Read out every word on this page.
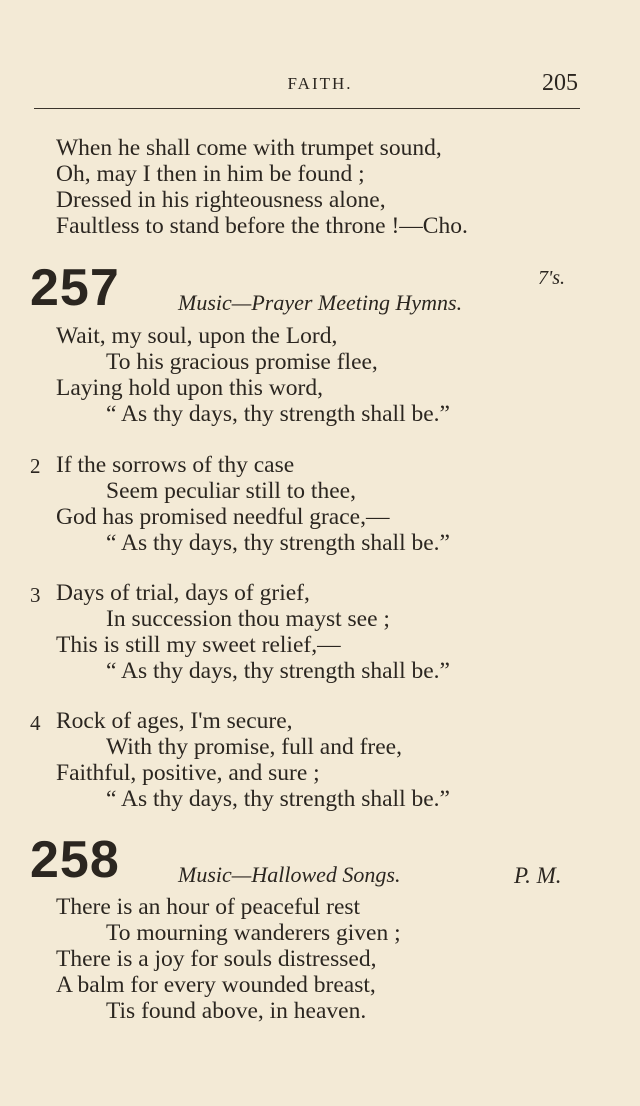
FAITH.	205
When he shall come with trumpet sound,
Oh, may I then in him be found ;
Dressed in his righteousness alone,
Faultless to stand before the throne !—Cho.
257	7's.
Music—Prayer Meeting Hymns.
Wait, my soul, upon the Lord,
To his gracious promise flee,
Laying hold upon this word,
“ As thy days, thy strength shall be.”
2 If the sorrows of thy case
Seem peculiar still to thee,
God has promised needful grace,—
“ As thy days, thy strength shall be.”
3 Days of trial, days of grief,
In succession thou mayst see ;
This is still my sweet relief,—
“ As thy days, thy strength shall be.”
4 Rock of ages, I'm secure,
With thy promise, full and free,
Faithful, positive, and sure ;
“ As thy days, thy strength shall be.”
258	Music—Hallowed Songs.	P. M.
There is an hour of peaceful rest
To mourning wanderers given ;
There is a joy for souls distressed,
A balm for every wounded breast,
Tis found above, in heaven.
